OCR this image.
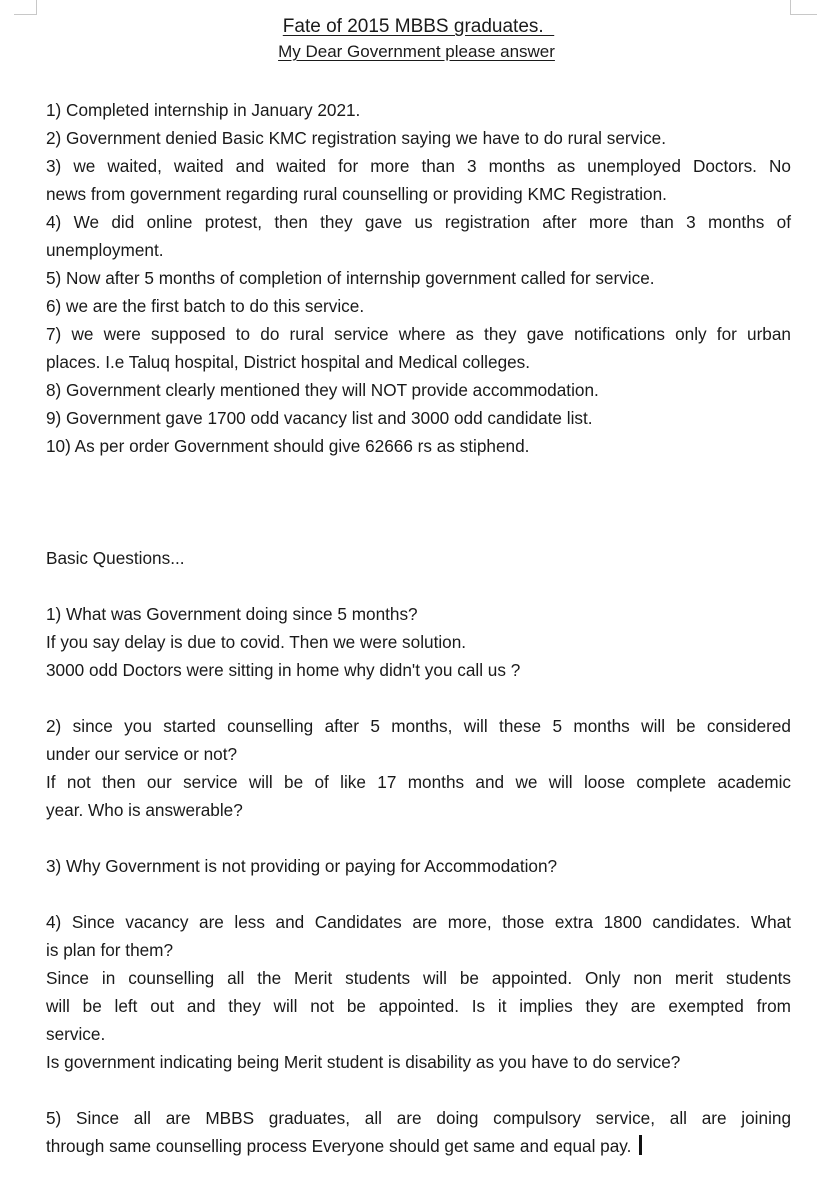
Fate of 2015 MBBS graduates.
My Dear Government please answer

1) Completed internship in January 2021.

2) Government denied Basic KMC registration saying we have to do rural service.

3) we waited, waited and waited for more than 3 months as unemployed Doctors. No

news from government regarding rural counselling or providing KMC Registration.

4) We did online protest, then they gave us registration after more than 3 months of

unemployment.

5) Now after 5 months of completion of internship government called for service.

6) we are the first batch to do this service.

7) we were supposed to do rural service where as they gave notifications only for urban

places. I.e Taluq hospital, District hospital and Medical colleges.

8) Government clearly mentioned they will NOT provide accommodation.

9) Government gave 1700 odd vacancy list and 3000 odd candidate list.

10) As per order Government should give 62666 rs as stiphend.

Basic Questions...

1) What was Government doing since 5 months?

If you say delay is due to covid. Then we were solution.

3000 odd Doctors were sitting in home why didn't you call us ?

2) since you started counselling after 5 months, will these 5 months will be considered

under our service or not?

If not then our service will be of like 17 months and we will loose complete academic

year. Who is answerable?

3) Why Government is not providing or paying for Accommodation?

4) Since vacancy are less and Candidates are more, those extra 1800 candidates. What

is plan for them?

Since in counselling all the Merit students will be appointed. Only non merit students

will be left out and they will not be appointed. Is it implies they are exempted from

service.

Is government indicating being Merit student is disability as you have to do service?

5) Since all are MBBS graduates, all are doing compulsory service, all are joining

through same counselling process Everyone should get same and equal pay.
